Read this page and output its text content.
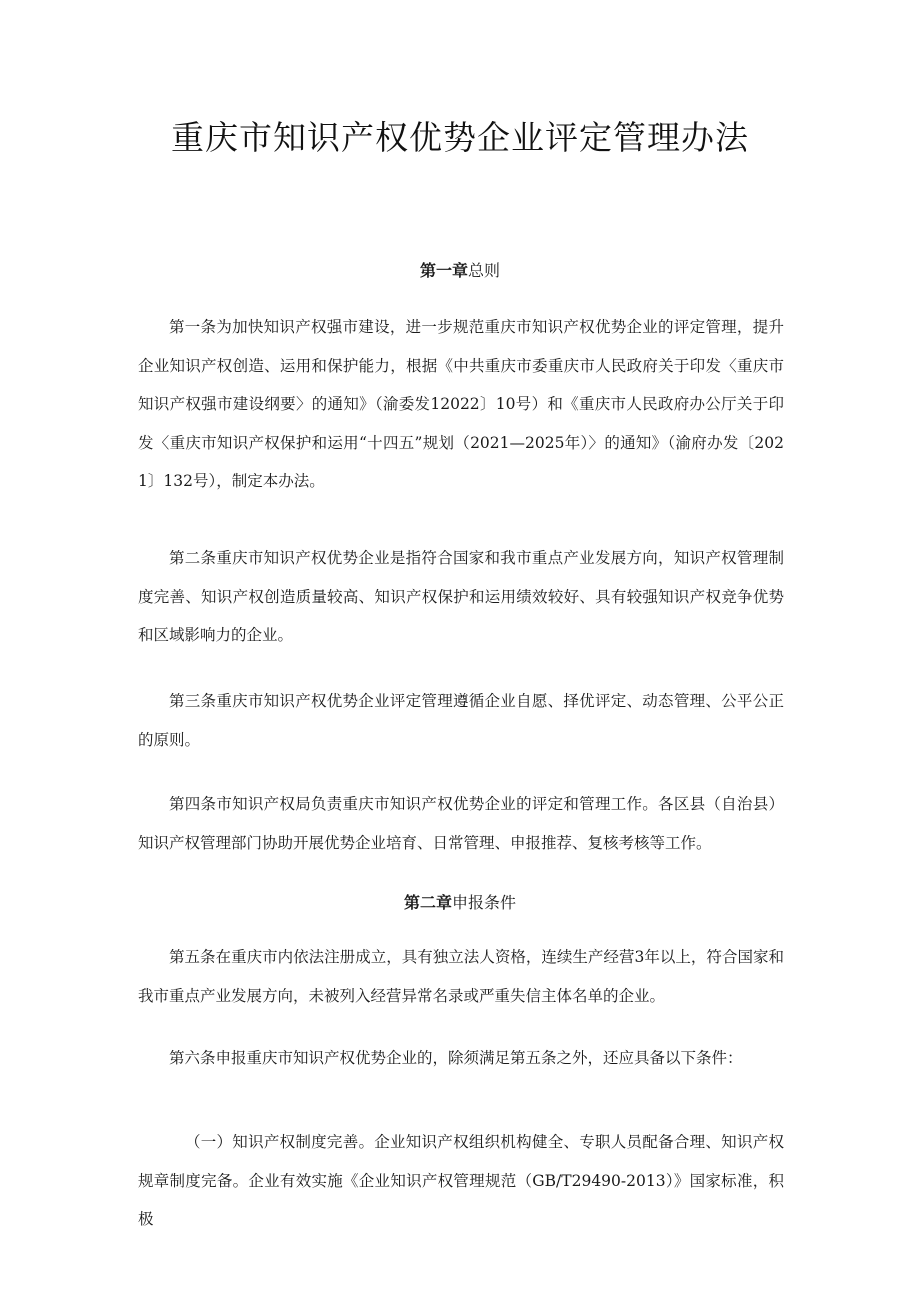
重庆市知识产权优势企业评定管理办法
第一章总则
第一条为加快知识产权强市建设，进一步规范重庆市知识产权优势企业的评定管理，提升企业知识产权创造、运用和保护能力，根据《中共重庆市委重庆市人民政府关于印发〈重庆市知识产权强市建设纲要〉的通知》（渝委发12022〕10号）和《重庆市人民政府办公厅关于印发〈重庆市知识产权保护和运用“十四五”规划（2021—2025年）〉的通知》（渝府办发〔2021〕132号），制定本办法。
第二条重庆市知识产权优势企业是指符合国家和我市重点产业发展方向，知识产权管理制度完善、知识产权创造质量较高、知识产权保护和运用绩效较好、具有较强知识产权竞争优势和区域影响力的企业。
第三条重庆市知识产权优势企业评定管理遵循企业自愿、择优评定、动态管理、公平公正的原则。
第四条市知识产权局负责重庆市知识产权优势企业的评定和管理工作。各区县（自治县）知识产权管理部门协助开展优势企业培育、日常管理、申报推荐、复核考核等工作。
第二章申报条件
第五条在重庆市内依法注册成立，具有独立法人资格，连续生产经营3年以上，符合国家和我市重点产业发展方向，未被列入经营异常名录或严重失信主体名单的企业。
第六条申报重庆市知识产权优势企业的，除须满足第五条之外，还应具备以下条件：
（一）知识产权制度完善。企业知识产权组织机构健全、专职人员配备合理、知识产权规章制度完备。企业有效实施《企业知识产权管理规范（GB/T29490-2013）》国家标准，积极
